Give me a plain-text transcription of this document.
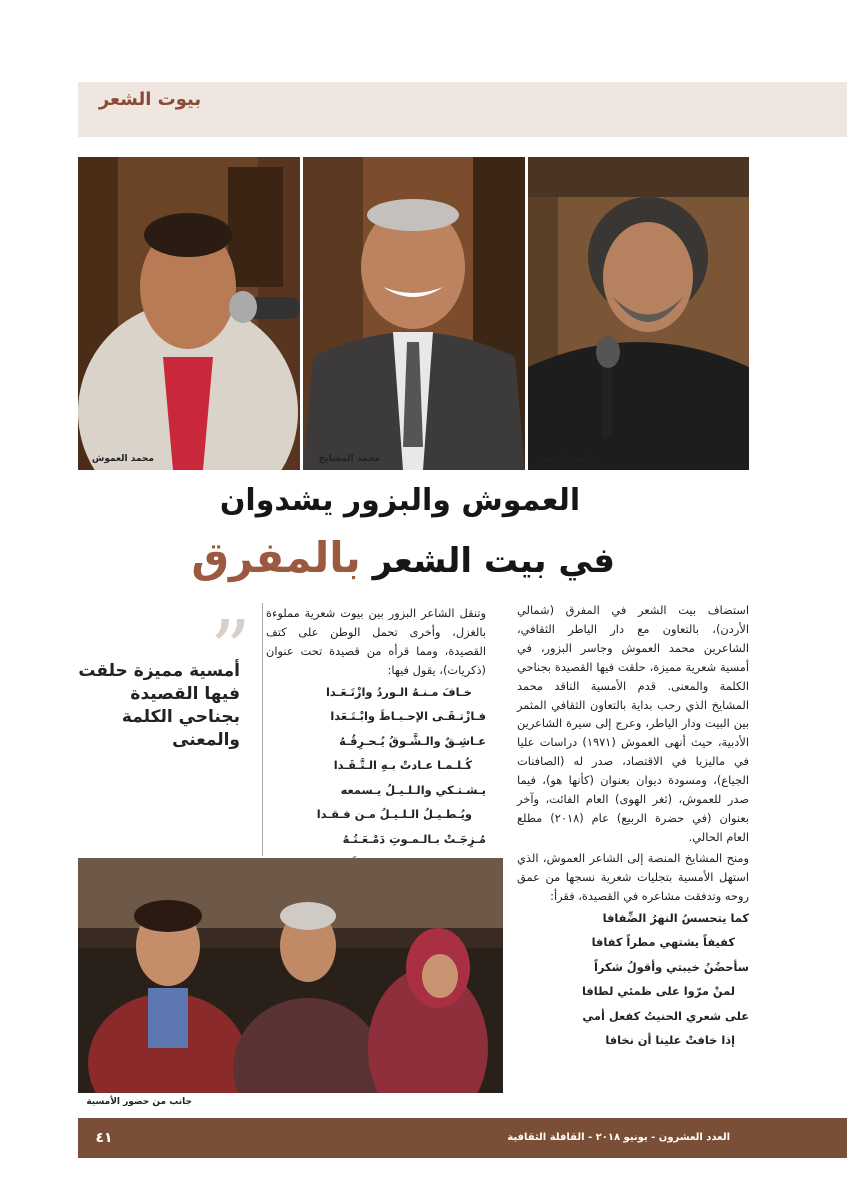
بيوت الشعر
جاسر البزور
محمد المشايخ
محمد العموش
العموش والبزور يشدوان
في بيت الشعر بالمفرق
”
أمسية مميزة حلقت
فيها القصيدة
بجناحي الكلمة
والمعنى

استضاف بيت الشعر في المفرق (شمالي الأردن)، بالتعاون مع دار الياطر الثقافي، الشاعرين محمد العموش وجاسر البزور، في أمسية شعرية مميزة، حلقت فيها القصيدة بجناحي الكلمة والمعنى. قدم الأمسية الناقد محمد المشايخ الذي رحب بداية بالتعاون الثقافي المثمر بين البيت ودار الياطر، وعرج إلى سيرة الشاعرين الأدبية، حيث أنهى العموش (١٩٧١) دراسات عليا في ماليزيا في الاقتصاد، صدر له (الصافنات الجياع)، ومسودة ديوان بعنوان (كأنها هو)، فيما صدر للعموش، (ثغر الهوى) العام الفائت، وآخر بعنوان (في حضرة الربيع) عام (٢٠١٨) مطلع العام الحالي.

ومنح المشايخ المنصة إلى الشاعر العموش، الذي استهل الأمسية بتجليات شعرية نسجها من عمق روحه وتدفقت مشاعره في القصيدة، فقرأ:

كما يتحسسُ النهرُ الضِّفافا
كفيفاً يشتهي مطراً كفافا
سأحضُنُ خيبتي وأقولُ شكراً
لمنْ مرّوا على ظمئي لطافا
على شعري الحنيتُ كفعل أمي
إذا خافتْ علينا أن نخافا

وتنقل الشاعر البزور بين بيوت شعرية مملوءة بالغزل، وأخرى تحمل الوطن على كتف القصيدة، ومما قرأه من قصيدة تحت عنوان (ذكريات)، يقول فيها:

خـافَ مـنـهُ الـوردُ وازْتَـعَـدا
فـازْتـقَـى الإحـبـاطَ وابْـتَـعَدا
عـاشِـقٌ والـشَّـوقُ يُـحـرِقُـهُ
كُـلـمـا عـادتْ بـهِ الـتَّـقَـدا
يـشـتـكي والـلـيـلُ يـسمعه
ويُـطـيـلُ الـلـيـلُ مـن فـقـدا
مُـزِجَـتْ بـالـمـوتِ دَمْـعَـتُـهُ
جانب من حضور الأمسية
العدد العشرون - يونيو ٢٠١٨ - القافلة الثقافية
٤١
